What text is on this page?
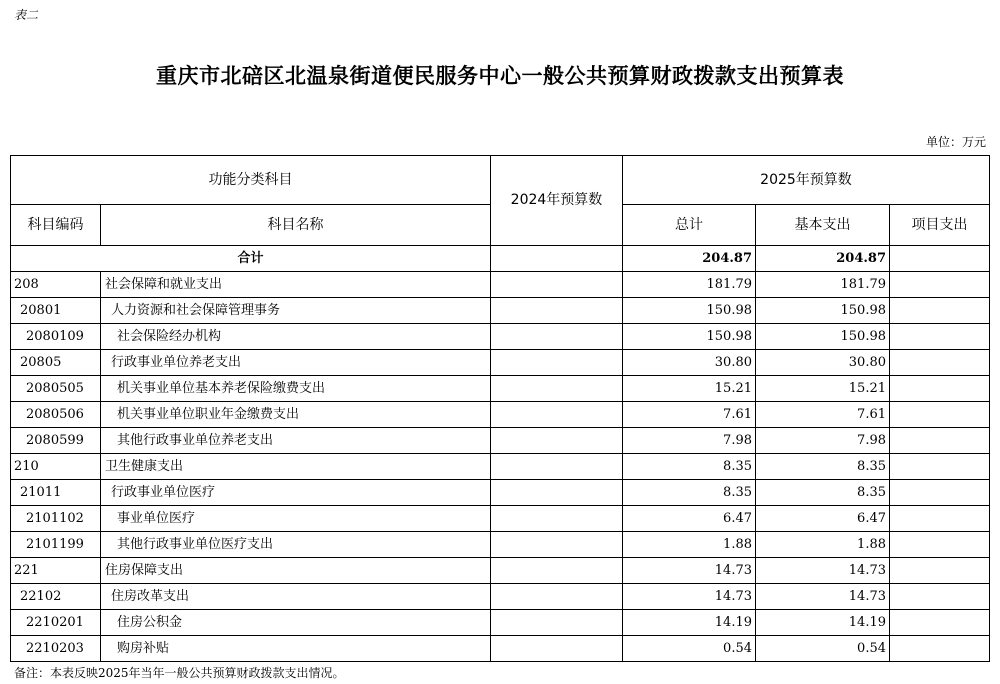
表二
重庆市北碚区北温泉街道便民服务中心一般公共预算财政拨款支出预算表
单位：万元
功能分类科目		2024年预算数	2025年预算数		
科目编码	科目名称		总计	基本支出	项目支出
合计			204.87	204.87	
208	社会保障和就业支出		181.79	181.79	
20801	人力资源和社会保障管理事务		150.98	150.98	
2080109	社会保险经办机构		150.98	150.98	
20805	行政事业单位养老支出		30.80	30.80	
2080505	机关事业单位基本养老保险缴费支出		15.21	15.21	
2080506	机关事业单位职业年金缴费支出		7.61	7.61	
2080599	其他行政事业单位养老支出		7.98	7.98	
210	卫生健康支出		8.35	8.35	
21011	行政事业单位医疗		8.35	8.35	
2101102	事业单位医疗		6.47	6.47	
2101199	其他行政事业单位医疗支出		1.88	1.88	
221	住房保障支出		14.73	14.73	
22102	住房改革支出		14.73	14.73	
2210201	住房公积金		14.19	14.19	
2210203	购房补贴		0.54	0.54	
备注：本表反映2025年当年一般公共预算财政拨款支出情况。
